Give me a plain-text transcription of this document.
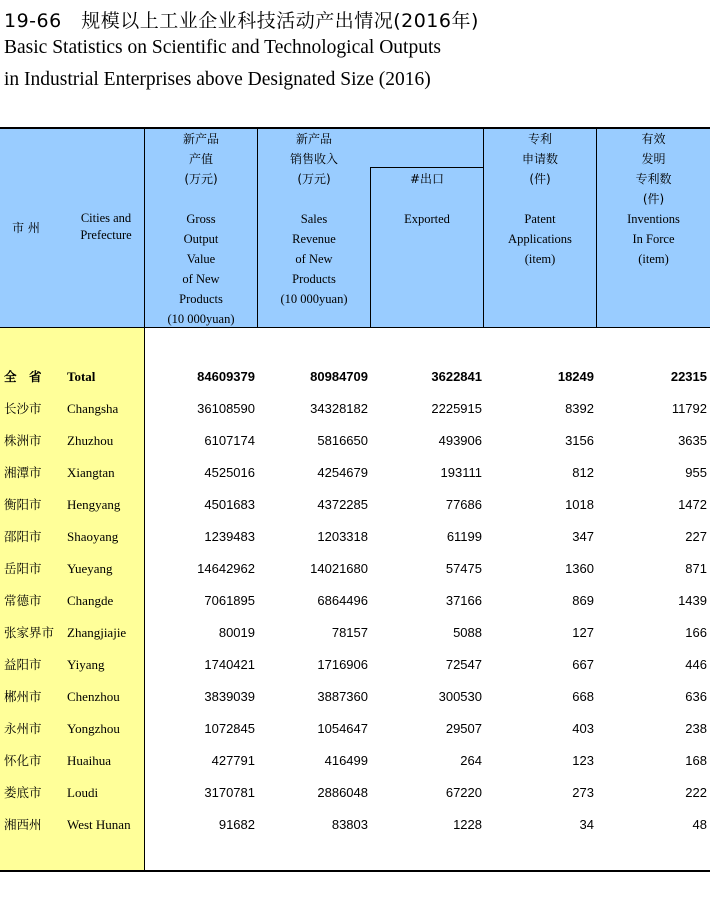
19-66　规模以上工业企业科技活动产出情况(2016年)
Basic Statistics on Scientific and Technological Outputs
in Industrial Enterprises above Designated Size (2016)
市 州
Cities and Prefecture
新产品
产值
(万元)

Gross
Output
Value
of New
Products
(10 000yuan)
新产品
销售收入
(万元)

Sales
Revenue
of New
Products
(10 000yuan)
#出口

Exported
专利
申请数
(件)

Patent
Applications
(item)
有效
发明
专利数
(件)
Inventions
In Force
(item)
全　省 Total	84609379	80984709	3622841	18249	22315
长沙市 Changsha	36108590	34328182	2225915	8392	11792
株洲市 Zhuzhou	6107174	5816650	493906	3156	3635
湘潭市 Xiangtan	4525016	4254679	193111	812	955
衡阳市 Hengyang	4501683	4372285	77686	1018	1472
邵阳市 Shaoyang	1239483	1203318	61199	347	227
岳阳市 Yueyang	14642962	14021680	57475	1360	871
常德市 Changde	7061895	6864496	37166	869	1439
张家界市 Zhangjiajie	80019	78157	5088	127	166
益阳市 Yiyang	1740421	1716906	72547	667	446
郴州市 Chenzhou	3839039	3887360	300530	668	636
永州市 Yongzhou	1072845	1054647	29507	403	238
怀化市 Huaihua	427791	416499	264	123	168
娄底市 Loudi	3170781	2886048	67220	273	222
湘西州 West Hunan	91682	83803	1228	34	48
